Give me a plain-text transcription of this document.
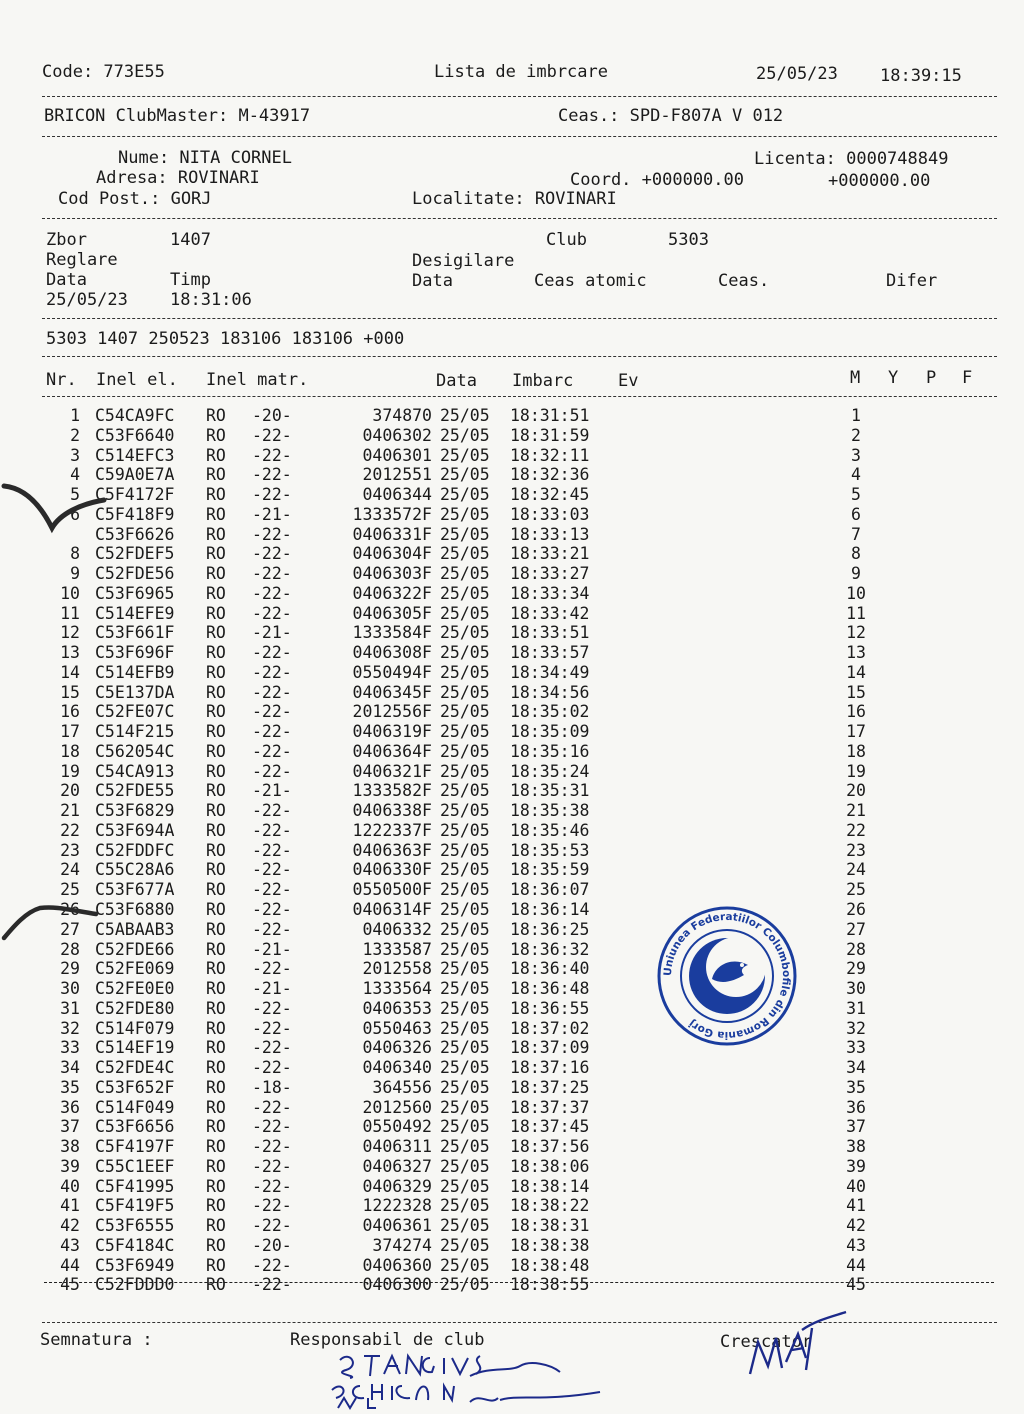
Code: 773E55	Lista de imbrcare	25/05/23 18:39:15
BRICON ClubMaster: M-43917	Ceas.: SPD-F807A V 012
Nume: NITA CORNEL
Adresa: ROVINARI
Cod Post.: GORJ
Licenta: 0000748849
Coord. +000000.00	+000000.00
Localitate: ROVINARI
Zbor	1407	Club	5303
Reglare	Desigilare
Data	Timp	Data	Ceas atomic	Ceas.	Difer
25/05/23 18:31:06
5303 1407 250523 183106 183106 +000
Nr. Inel el. Inel matr.	Data Imbarc	Ev	M Y P F
1 C54CA9FC RO -20-	374870 25/05 18:31:51	1
2 C53F6640 RO -22-	0406302 25/05 18:31:59	2
3 C514EFC3 RO -22-	0406301 25/05 18:32:11	3
4 C59A0E7A RO -22-	2012551 25/05 18:32:36	4
5 C5F4172F RO -22-	0406344 25/05 18:32:45	5
6 C5F418F9 RO -21-	1333572F 25/05 18:33:03	6
C53F6626 RO -22-	0406331F 25/05 18:33:13	7
8 C52FDEF5 RO -22-	0406304F 25/05 18:33:21	8
9 C52FDE56 RO -22-	0406303F 25/05 18:33:27	9
10 C53F6965 RO -22-	0406322F 25/05 18:33:34	10
11 C514EFE9 RO -22-	0406305F 25/05 18:33:42	11
12 C53F661F RO -21-	1333584F 25/05 18:33:51	12
13 C53F696F RO -22-	0406308F 25/05 18:33:57	13
14 C514EFB9 RO -22-	0550494F 25/05 18:34:49	14
15 C5E137DA RO -22-	0406345F 25/05 18:34:56	15
16 C52FE07C RO -22-	2012556F 25/05 18:35:02	16
17 C514F215 RO -22-	0406319F 25/05 18:35:09	17
18 C562054C RO -22-	0406364F 25/05 18:35:16	18
19 C54CA913 RO -22-	0406321F 25/05 18:35:24	19
20 C52FDE55 RO -21-	1333582F 25/05 18:35:31	20
21 C53F6829 RO -22-	0406338F 25/05 18:35:38	21
22 C53F694A RO -22-	1222337F 25/05 18:35:46	22
23 C52FDDFC RO -22-	0406363F 25/05 18:35:53	23
24 C55C28A6 RO -22-	0406330F 25/05 18:35:59	24
25 C53F677A RO -22-	0550500F 25/05 18:36:07	25
26 C53F6880 RO -22-	0406314F 25/05 18:36:14	26
27 C5ABAAB3 RO -22-	0406332 25/05 18:36:25	27
28 C52FDE66 RO -21-	1333587 25/05 18:36:32	28
29 C52FE069 RO -22-	2012558 25/05 18:36:40	29
30 C52FE0E0 RO -21-	1333564 25/05 18:36:48	30
31 C52FDE80 RO -22-	0406353 25/05 18:36:55	31
32 C514F079 RO -22-	0550463 25/05 18:37:02	32
33 C514EF19 RO -22-	0406326 25/05 18:37:09	33
34 C52FDE4C RO -22-	0406340 25/05 18:37:16	34
35 C53F652F RO -18-	364556 25/05 18:37:25	35
36 C514F049 RO -22-	2012560 25/05 18:37:37	36
37 C53F6656 RO -22-	0550492 25/05 18:37:45	37
38 C5F4197F RO -22-	0406311 25/05 18:37:56	38
39 C55C1EEF RO -22-	0406327 25/05 18:38:06	39
40 C5F41995 RO -22-	0406329 25/05 18:38:14	40
41 C5F419F5 RO -22-	1222328 25/05 18:38:22	41
42 C53F6555 RO -22-	0406361 25/05 18:38:31	42
43 C5F4184C RO -20-	374274 25/05 18:38:38	43
44 C53F6949 RO -22-	0406360 25/05 18:38:48	44
45 C52FDDD0 RO -22-	0406300 25/05 18:38:55	45
Semnatura :	Responsabil de club	Crescator
Uniunea Federatiilor Columbofile din Romania Gorj
